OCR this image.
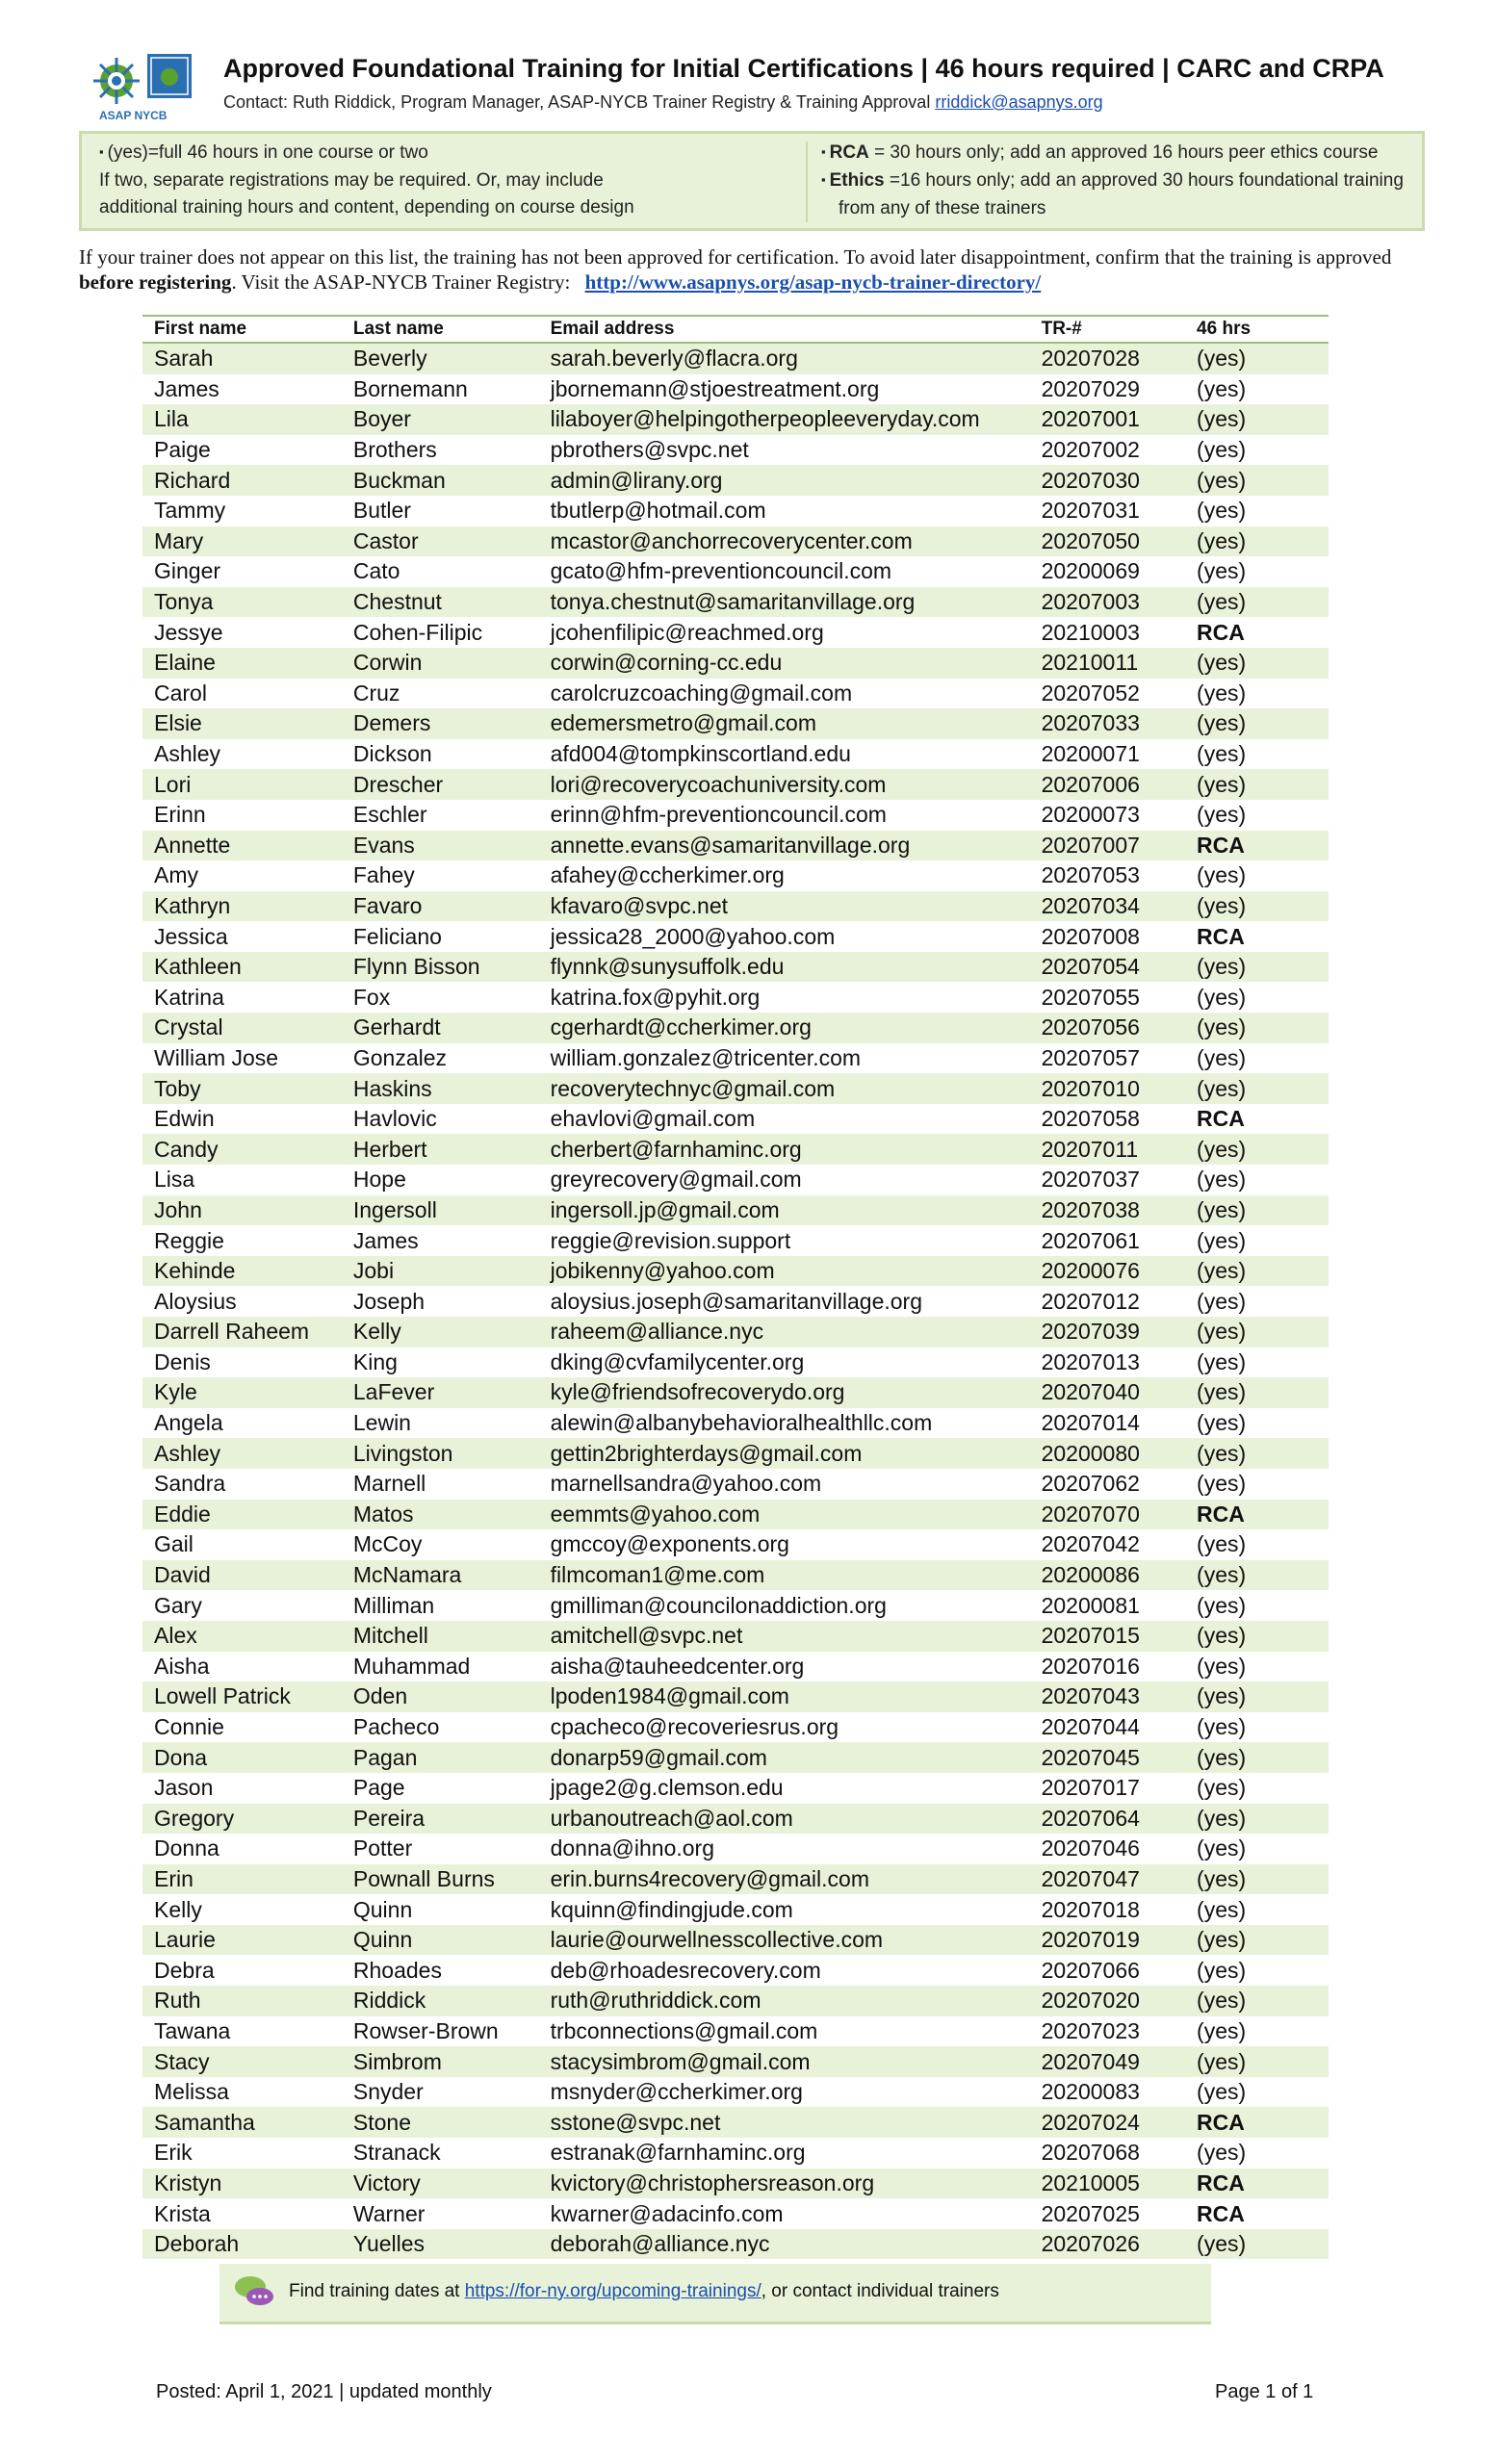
ASAP NYCB
Approved Foundational Training for Initial Certifications | 46 hours required | CARC and CRPA
Contact: Ruth Riddick, Program Manager, ASAP-NYCB Trainer Registry & Training Approval rriddick@asapnys.org
▪ (yes)=full 46 hours in one course or two
If two, separate registrations may be required. Or, may include
additional training hours and content, depending on course design
▪ RCA = 30 hours only; add an approved 16 hours peer ethics course
▪ Ethics =16 hours only; add an approved 30 hours foundational training
from any of these trainers
If your trainer does not appear on this list, the training has not been approved for certification. To avoid later disappointment, confirm that the training is approved before registering. Visit the ASAP-NYCB Trainer Registry: http://www.asapnys.org/asap-nycb-trainer-directory/
First name	Last name	Email address	TR-#	46 hrs
Sarah	Beverly	sarah.beverly@flacra.org	20207028	(yes)
James	Bornemann	jbornemann@stjoestreatment.org	20207029	(yes)
Lila	Boyer	lilaboyer@helpingotherpeopleeveryday.com	20207001	(yes)
Paige	Brothers	pbrothers@svpc.net	20207002	(yes)
Richard	Buckman	admin@lirany.org	20207030	(yes)
Tammy	Butler	tbutlerp@hotmail.com	20207031	(yes)
Mary	Castor	mcastor@anchorrecoverycenter.com	20207050	(yes)
Ginger	Cato	gcato@hfm-preventioncouncil.com	20200069	(yes)
Tonya	Chestnut	tonya.chestnut@samaritanvillage.org	20207003	(yes)
Jessye	Cohen-Filipic	jcohenfilipic@reachmed.org	20210003	RCA
Elaine	Corwin	corwin@corning-cc.edu	20210011	(yes)
Carol	Cruz	carolcruzcoaching@gmail.com	20207052	(yes)
Elsie	Demers	edemersmetro@gmail.com	20207033	(yes)
Ashley	Dickson	afd004@tompkinscortland.edu	20200071	(yes)
Lori	Drescher	lori@recoverycoachuniversity.com	20207006	(yes)
Erinn	Eschler	erinn@hfm-preventioncouncil.com	20200073	(yes)
Annette	Evans	annette.evans@samaritanvillage.org	20207007	RCA
Amy	Fahey	afahey@ccherkimer.org	20207053	(yes)
Kathryn	Favaro	kfavaro@svpc.net	20207034	(yes)
Jessica	Feliciano	jessica28_2000@yahoo.com	20207008	RCA
Kathleen	Flynn Bisson	flynnk@sunysuffolk.edu	20207054	(yes)
Katrina	Fox	katrina.fox@pyhit.org	20207055	(yes)
Crystal	Gerhardt	cgerhardt@ccherkimer.org	20207056	(yes)
William Jose	Gonzalez	william.gonzalez@tricenter.com	20207057	(yes)
Toby	Haskins	recoverytechnyc@gmail.com	20207010	(yes)
Edwin	Havlovic	ehavlovi@gmail.com	20207058	RCA
Candy	Herbert	cherbert@farnhaminc.org	20207011	(yes)
Lisa	Hope	greyrecovery@gmail.com	20207037	(yes)
John	Ingersoll	ingersoll.jp@gmail.com	20207038	(yes)
Reggie	James	reggie@revision.support	20207061	(yes)
Kehinde	Jobi	jobikenny@yahoo.com	20200076	(yes)
Aloysius	Joseph	aloysius.joseph@samaritanvillage.org	20207012	(yes)
Darrell Raheem	Kelly	raheem@alliance.nyc	20207039	(yes)
Denis	King	dking@cvfamilycenter.org	20207013	(yes)
Kyle	LaFever	kyle@friendsofrecoverydo.org	20207040	(yes)
Angela	Lewin	alewin@albanybehavioralhealthllc.com	20207014	(yes)
Ashley	Livingston	gettin2brighterdays@gmail.com	20200080	(yes)
Sandra	Marnell	marnellsandra@yahoo.com	20207062	(yes)
Eddie	Matos	eemmts@yahoo.com	20207070	RCA
Gail	McCoy	gmccoy@exponents.org	20207042	(yes)
David	McNamara	filmcoman1@me.com	20200086	(yes)
Gary	Milliman	gmilliman@councilonaddiction.org	20200081	(yes)
Alex	Mitchell	amitchell@svpc.net	20207015	(yes)
Aisha	Muhammad	aisha@tauheedcenter.org	20207016	(yes)
Lowell Patrick	Oden	lpoden1984@gmail.com	20207043	(yes)
Connie	Pacheco	cpacheco@recoveriesrus.org	20207044	(yes)
Dona	Pagan	donarp59@gmail.com	20207045	(yes)
Jason	Page	jpage2@g.clemson.edu	20207017	(yes)
Gregory	Pereira	urbanoutreach@aol.com	20207064	(yes)
Donna	Potter	donna@ihno.org	20207046	(yes)
Erin	Pownall Burns	erin.burns4recovery@gmail.com	20207047	(yes)
Kelly	Quinn	kquinn@findingjude.com	20207018	(yes)
Laurie	Quinn	laurie@ourwellnesscollective.com	20207019	(yes)
Debra	Rhoades	deb@rhoadesrecovery.com	20207066	(yes)
Ruth	Riddick	ruth@ruthriddick.com	20207020	(yes)
Tawana	Rowser-Brown	trbconnections@gmail.com	20207023	(yes)
Stacy	Simbrom	stacysimbrom@gmail.com	20207049	(yes)
Melissa	Snyder	msnyder@ccherkimer.org	20200083	(yes)
Samantha	Stone	sstone@svpc.net	20207024	RCA
Erik	Stranack	estranak@farnhaminc.org	20207068	(yes)
Kristyn	Victory	kvictory@christophersreason.org	20210005	RCA
Krista	Warner	kwarner@adacinfo.com	20207025	RCA
Deborah	Yuelles	deborah@alliance.nyc	20207026	(yes)
Find training dates at https://for-ny.org/upcoming-trainings/, or contact individual trainers
Posted: April 1, 2021 | updated monthly	Page 1 of 1
